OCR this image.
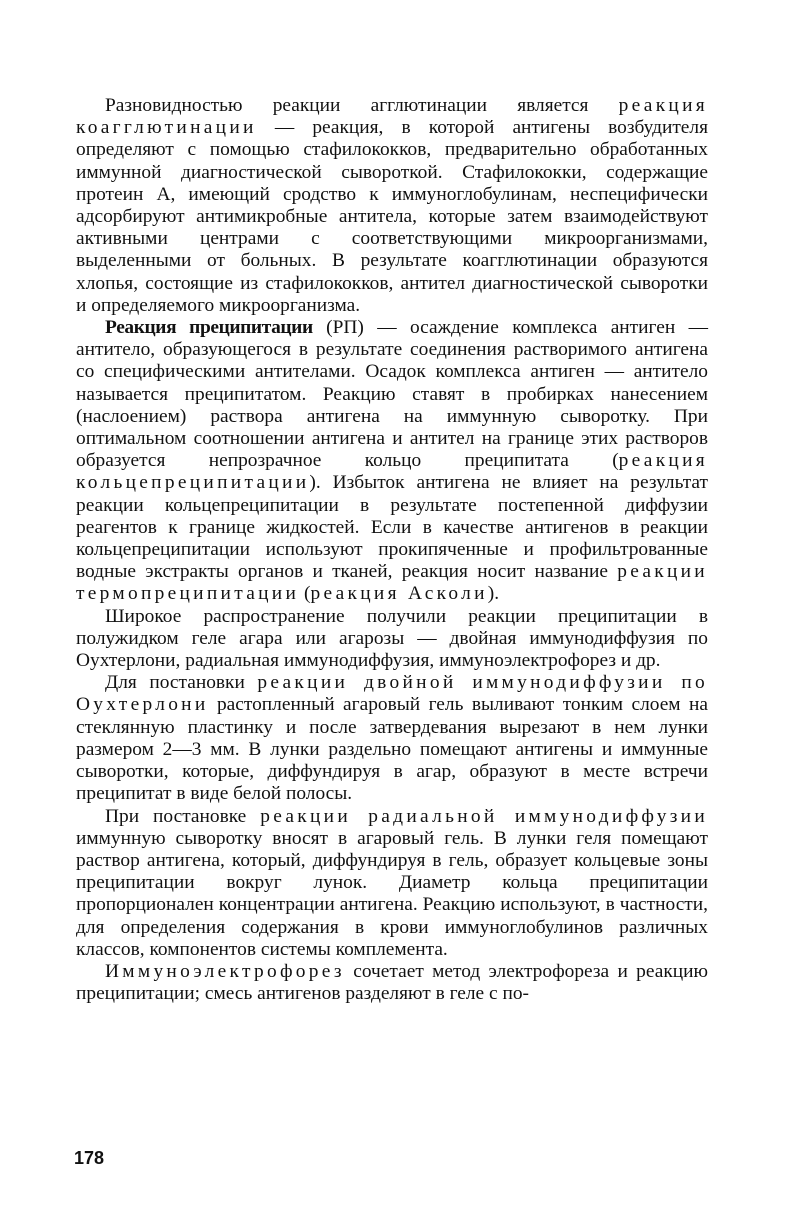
Разновидностью реакции агглютинации является реакция коагглютинации — реакция, в которой антигены возбудителя определяют с помощью стафилококков, предварительно обработанных иммунной диагностической сывороткой. Стафилококки, содержащие протеин А, имеющий сродство к иммуноглобулинам, неспецифически адсорбируют антимикробные антитела, которые затем взаимодействуют активными центрами с соответствующими микроорганизмами, выделенными от больных. В результате коагглютинации образуются хлопья, состоящие из стафилококков, антител диагностической сыворотки и определяемого микроорганизма.

Реакция преципитации (РП) — осаждение комплекса антиген — антитело, образующегося в результате соединения растворимого антигена со специфическими антителами. Осадок комплекса антиген — антитело называется преципитатом. Реакцию ставят в пробирках нанесением (наслоением) раствора антигена на иммунную сыворотку. При оптимальном соотношении антигена и антител на границе этих растворов образуется непрозрачное кольцо преципитата (реакция кольцепреципитации). Избыток антигена не влияет на результат реакции кольцепреципитации в результате постепенной диффузии реагентов к границе жидкостей. Если в качестве антигенов в реакции кольцепреципитации используют прокипяченные и профильтрованные водные экстракты органов и тканей, реакция носит название реакции термопреципитации (реакция Асколи).

Широкое распространение получили реакции преципитации в полужидком геле агара или агарозы — двойная иммунодиффузия по Оухтерлони, радиальная иммунодиффузия, иммуноэлектрофорез и др.

Для постановки реакции двойной иммунодиффузии по Оухтерлони растопленный агаровый гель выливают тонким слоем на стеклянную пластинку и после затвердевания вырезают в нем лунки размером 2—3 мм. В лунки раздельно помещают антигены и иммунные сыворотки, которые, диффундируя в агар, образуют в месте встречи преципитат в виде белой полосы.

При постановке реакции радиальной иммунодиффузии иммунную сыворотку вносят в агаровый гель. В лунки геля помещают раствор антигена, который, диффундируя в гель, образует кольцевые зоны преципитации вокруг лунок. Диаметр кольца преципитации пропорционален концентрации антигена. Реакцию используют, в частности, для определения содержания в крови иммуноглобулинов различных классов, компонентов системы комплемента.

Иммуноэлектрофорез сочетает метод электрофореза и реакцию преципитации; смесь антигенов разделяют в геле с по-

178
